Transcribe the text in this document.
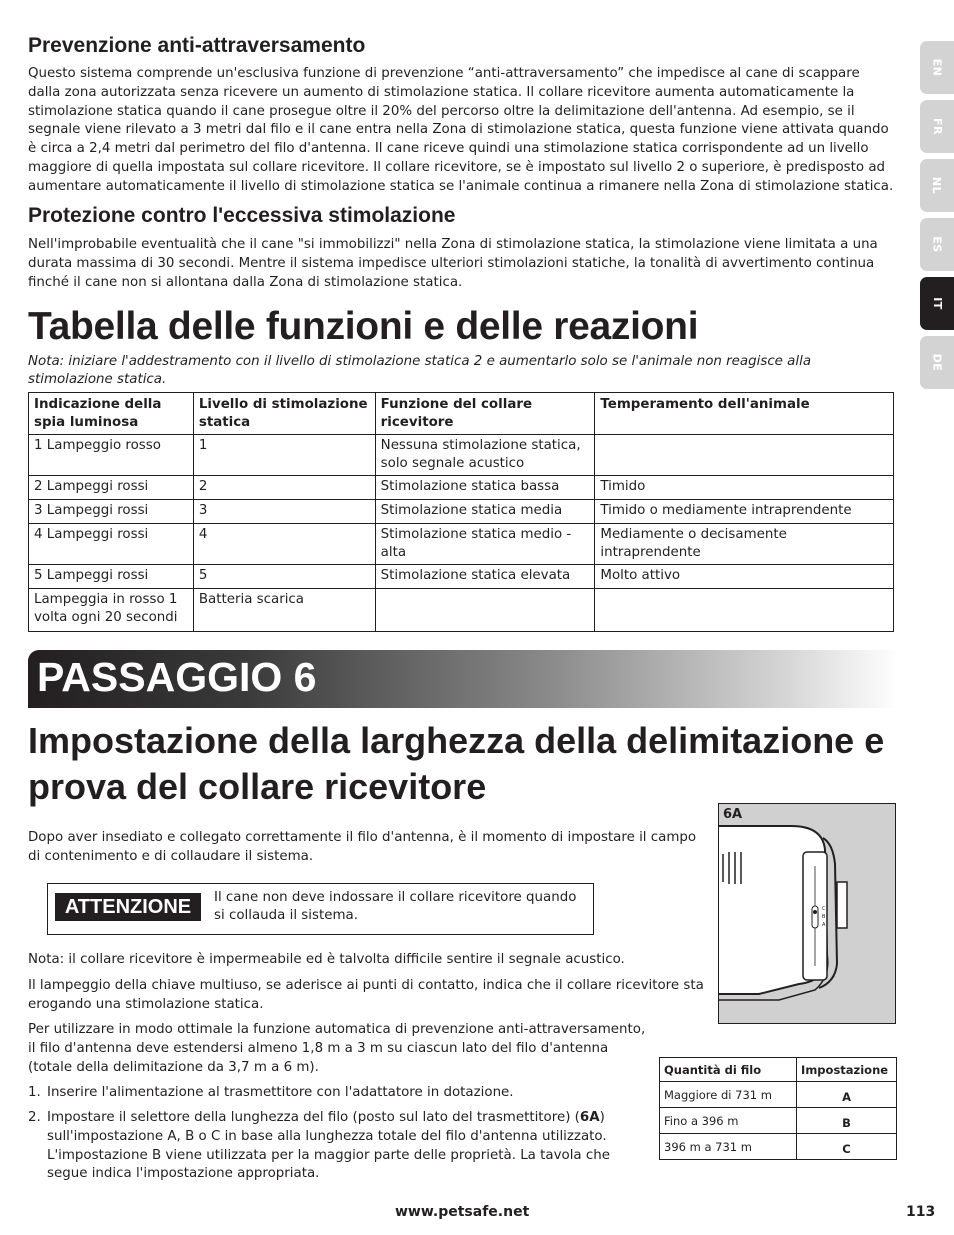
EN
FR
NL
ES
IT
DE
Prevenzione anti-attraversamento

Questo sistema comprende un'esclusiva funzione di prevenzione “anti-attraversamento” che impedisce al cane di scappare dalla zona autorizzata senza ricevere un aumento di stimolazione statica. Il collare ricevitore aumenta automaticamente la stimolazione statica quando il cane prosegue oltre il 20% del percorso oltre la delimitazione dell'antenna. Ad esempio, se il segnale viene rilevato a 3 metri dal filo e il cane entra nella Zona di stimolazione statica, questa funzione viene attivata quando è circa a 2,4 metri dal perimetro del filo d'antenna. Il cane riceve quindi una stimolazione statica corrispondente ad un livello maggiore di quella impostata sul collare ricevitore. Il collare ricevitore, se è impostato sul livello 2 o superiore, è predisposto ad aumentare automaticamente il livello di stimolazione statica se l'animale continua a rimanere nella Zona di stimolazione statica.

Protezione contro l'eccessiva stimolazione

Nell'improbabile eventualità che il cane "si immobilizzi" nella Zona di stimolazione statica, la stimolazione viene limitata a una durata massima di 30 secondi. Mentre il sistema impedisce ulteriori stimolazioni statiche, la tonalità di avvertimento continua finché il cane non si allontana dalla Zona di stimolazione statica.

Tabella delle funzioni e delle reazioni

Nota: iniziare l'addestramento con il livello di stimolazione statica 2 e aumentarlo solo se l'animale non reagisce alla stimolazione statica.

Indicazione della spia luminosa	Livello di stimolazione statica	Funzione del collare ricevitore	Temperamento dell'animale
1 Lampeggio rosso	1	Nessuna stimolazione statica, solo segnale acustico	
2 Lampeggi rossi	2	Stimolazione statica bassa	Timido
3 Lampeggi rossi	3	Stimolazione statica media	Timido o mediamente intraprendente
4 Lampeggi rossi	4	Stimolazione statica medio - alta	Mediamente o decisamente intraprendente
5 Lampeggi rossi	5	Stimolazione statica elevata	Molto attivo
Lampeggia in rosso 1 volta ogni 20 secondi	Batteria scarica		
PASSAGGIO 6
Impostazione della larghezza della delimitazione e prova del collare ricevitore

Dopo aver insediato e collegato correttamente il filo d'antenna, è il momento di impostare il campo di contenimento e di collaudare il sistema.

ATTENZIONE	Il cane non deve indossare il collare ricevitore quando si collauda il sistema.

Nota: il collare ricevitore è impermeabile ed è talvolta difficile sentire il segnale acustico.

Il lampeggio della chiave multiuso, se aderisce ai punti di contatto, indica che il collare ricevitore sta erogando una stimolazione statica.

Per utilizzare in modo ottimale la funzione automatica di prevenzione anti-attraversamento, il filo d'antenna deve estendersi almeno 1,8 m a 3 m su ciascun lato del filo d'antenna (totale della delimitazione da 3,7 m a 6 m).

1. Inserire l'alimentazione al trasmettitore con l'adattatore in dotazione.
2. Impostare il selettore della lunghezza del filo (posto sul lato del trasmettitore) (6A) sull'impostazione A, B o C in base alla lunghezza totale del filo d'antenna utilizzato. L'impostazione B viene utilizzata per la maggior parte delle proprietà. La tavola che segue indica l'impostazione appropriata.
6A
C
B
A
Quantità di filo	Impostazione
Maggiore di 731 m	A
Fino a 396 m	B
396 m a 731 m	C
www.petsafe.net	113
